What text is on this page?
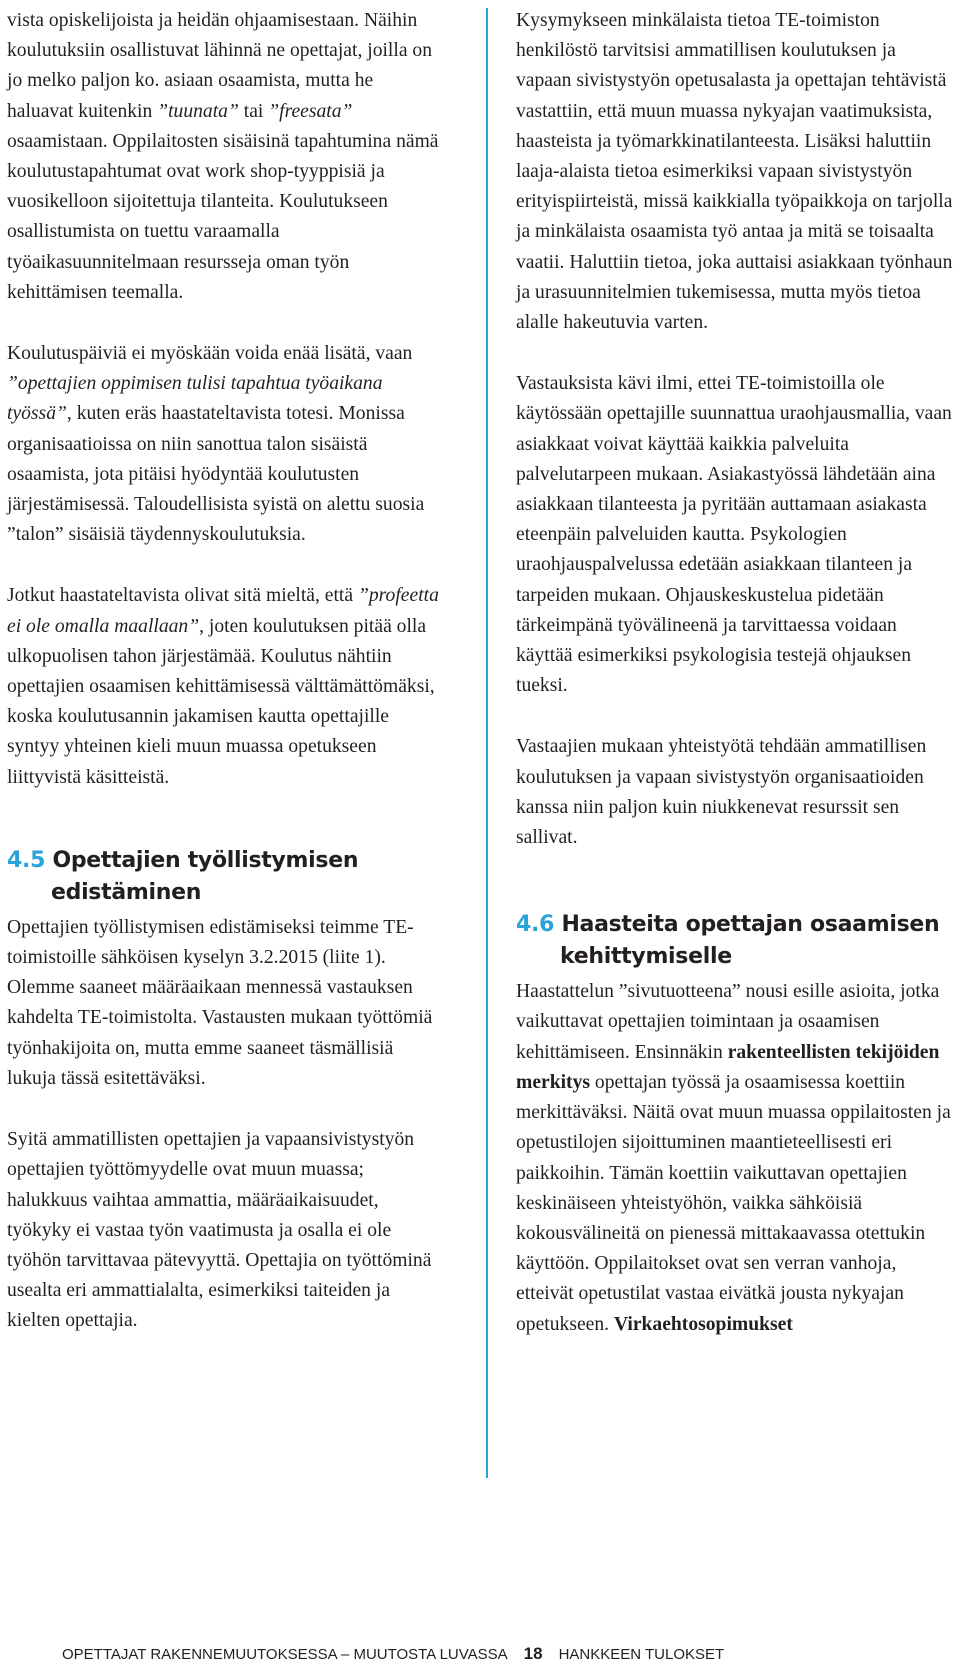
vista opiskelijoista ja heidän ohjaamisestaan. Näihin koulutuksiin osallistuvat lähinnä ne opettajat, joilla on jo melko paljon ko. asiaan osaamista, mutta he haluavat kuitenkin ”tuunata” tai ”freesata” osaamistaan. Oppilaitosten sisäisinä tapahtumina nämä koulutustapahtumat ovat work shop-tyyppisiä ja vuosikelloon sijoitettuja tilanteita. Koulutukseen osallistumista on tuettu varaamalla työaikasuunnitelmaan resursseja oman työn kehittämisen teemalla.

Koulutuspäiviä ei myöskään voida enää lisätä, vaan ”opettajien oppimisen tulisi tapahtua työaikana työssä”, kuten eräs haastateltavista totesi. Monissa organisaatioissa on niin sanottua talon sisäistä osaamista, jota pitäisi hyödyntää koulutusten järjestämisessä. Taloudellisista syistä on alettu suosia ”talon” sisäisiä täydennyskoulutuksia.

Jotkut haastateltavista olivat sitä mieltä, että ”profeetta ei ole omalla maallaan”, joten koulutuksen pitää olla ulkopuolisen tahon järjestämää. Koulutus nähtiin opettajien osaamisen kehittämisessä välttämättömäksi, koska koulutusannin jakamisen kautta opettajille syntyy yhteinen kieli muun muassa opetukseen liittyvistä käsitteistä.

4.5 Opettajien työllistymisen
edistäminen

Opettajien työllistymisen edistämiseksi teimme TE-toimistoille sähköisen kyselyn 3.2.2015 (liite 1). Olemme saaneet määräaikaan mennessä vastauksen kahdelta TE-toimistolta. Vastausten mukaan työttömiä työnhakijoita on, mutta emme saaneet täsmällisiä lukuja tässä esitettäväksi.

Syitä ammatillisten opettajien ja vapaansivistystyön opettajien työttömyydelle ovat muun muassa; halukkuus vaihtaa ammattia, määräaikaisuudet, työkyky ei vastaa työn vaatimusta ja osalla ei ole työhön tarvittavaa pätevyyttä. Opettajia on työttöminä usealta eri ammattialalta, esimerkiksi taiteiden ja kielten opettajia.

Kysymykseen minkälaista tietoa TE-toimiston henkilöstö tarvitsisi ammatillisen koulutuksen ja vapaan sivistystyön opetusalasta ja opettajan tehtävistä vastattiin, että muun muassa nykyajan vaatimuksista, haasteista ja työmarkkinatilanteesta. Lisäksi haluttiin laaja-alaista tietoa esimerkiksi vapaan sivistystyön erityispiirteistä, missä kaikkialla työpaikkoja on tarjolla ja minkälaista osaamista työ antaa ja mitä se toisaalta vaatii. Haluttiin tietoa, joka auttaisi asiakkaan työnhaun ja urasuunnitelmien tukemisessa, mutta myös tietoa alalle hakeutuvia varten.

Vastauksista kävi ilmi, ettei TE-toimistoilla ole käytössään opettajille suunnattua uraohjausmallia, vaan asiakkaat voivat käyttää kaikkia palveluita palvelutarpeen mukaan. Asiakastyössä lähdetään aina asiakkaan tilanteesta ja pyritään auttamaan asiakasta eteenpäin palveluiden kautta. Psykologien uraohjauspalvelussa edetään asiakkaan tilanteen ja tarpeiden mukaan. Ohjauskeskustelua pidetään tärkeimpänä työvälineenä ja tarvittaessa voidaan käyttää esimerkiksi psykologisia testejä ohjauksen tueksi.

Vastaajien mukaan yhteistyötä tehdään ammatillisen koulutuksen ja vapaan sivistystyön organisaatioiden kanssa niin paljon kuin niukkenevat resurssit sen sallivat.

4.6 Haasteita opettajan osaamisen
kehittymiselle

Haastattelun ”sivutuotteena” nousi esille asioita, jotka vaikuttavat opettajien toimintaan ja osaamisen kehittämiseen. Ensinnäkin rakenteellisten tekijöiden merkitys opettajan työssä ja osaamisessa koettiin merkittäväksi. Näitä ovat muun muassa oppilaitosten ja opetustilojen sijoittuminen maantieteellisesti eri paikkoihin. Tämän koettiin vaikuttavan opettajien keskinäiseen yhteistyöhön, vaikka sähköisiä kokousvälineitä on pienessä mittakaavassa otettukin käyttöön. Oppilaitokset ovat sen verran vanhoja, etteivät opetustilat vastaa eivätkä jousta nykyajan opetukseen. Virkaehtosopimukset

OPETTAJAT RAKENNEMUUTOKSESSA – MUUTOSTA LUVASSA 18 HANKKEEN TULOKSET
